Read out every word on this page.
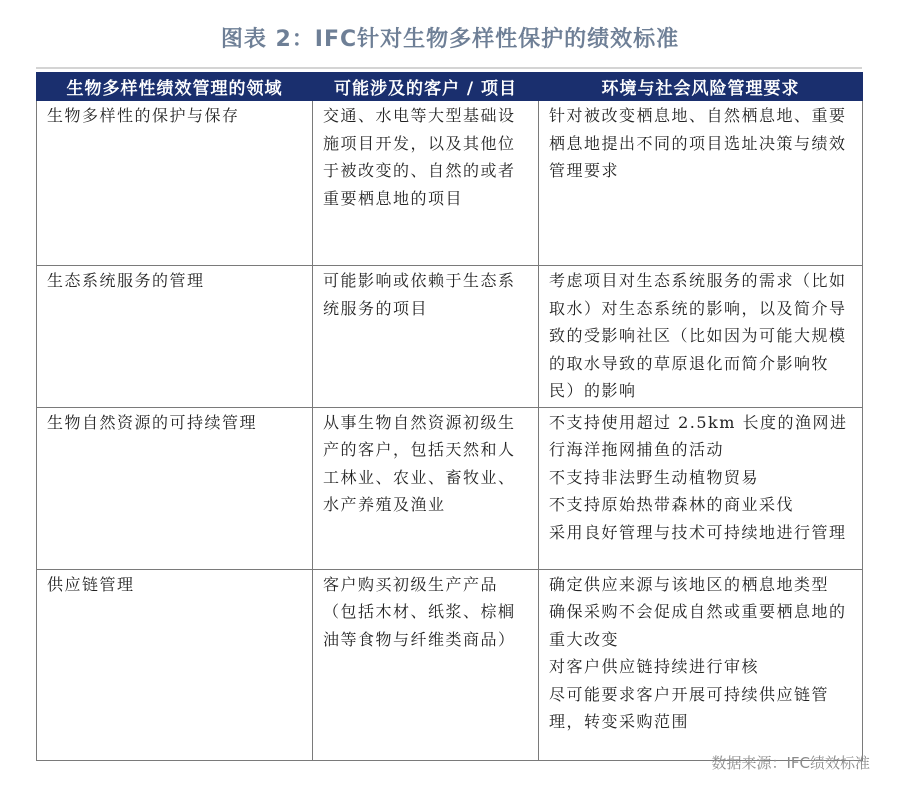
图表 2：IFC针对生物多样性保护的绩效标准
生物多样性绩效管理的领域	可能涉及的客户 / 项目	环境与社会风险管理要求
生物多样性的保护与保存	交通、水电等大型基础设施项目开发，以及其他位于被改变的、自然的或者重要栖息地的项目	针对被改变栖息地、自然栖息地、重要栖息地提出不同的项目选址决策与绩效管理要求

生态系统服务的管理	可能影响或依赖于生态系统服务的项目	考虑项目对生态系统服务的需求（比如取水）对生态系统的影响，以及简介导致的受影响社区（比如因为可能大规模的取水导致的草原退化而简介影响牧民）的影响

生物自然资源的可持续管理	从事生物自然资源初级生产的客户，包括天然和人工林业、农业、畜牧业、水产养殖及渔业	不支持使用超过 2.5km 长度的渔网进行海洋拖网捕鱼的活动
不支持非法野生动植物贸易
不支持原始热带森林的商业采伐
采用良好管理与技术可持续地进行管理

供应链管理	客户购买初级生产产品（包括木材、纸浆、棕榈油等食物与纤维类商品）	确定供应来源与该地区的栖息地类型
确保采购不会促成自然或重要栖息地的重大改变
对客户供应链持续进行审核
尽可能要求客户开展可持续供应链管理，转变采购范围
数据来源：IFC绩效标准
